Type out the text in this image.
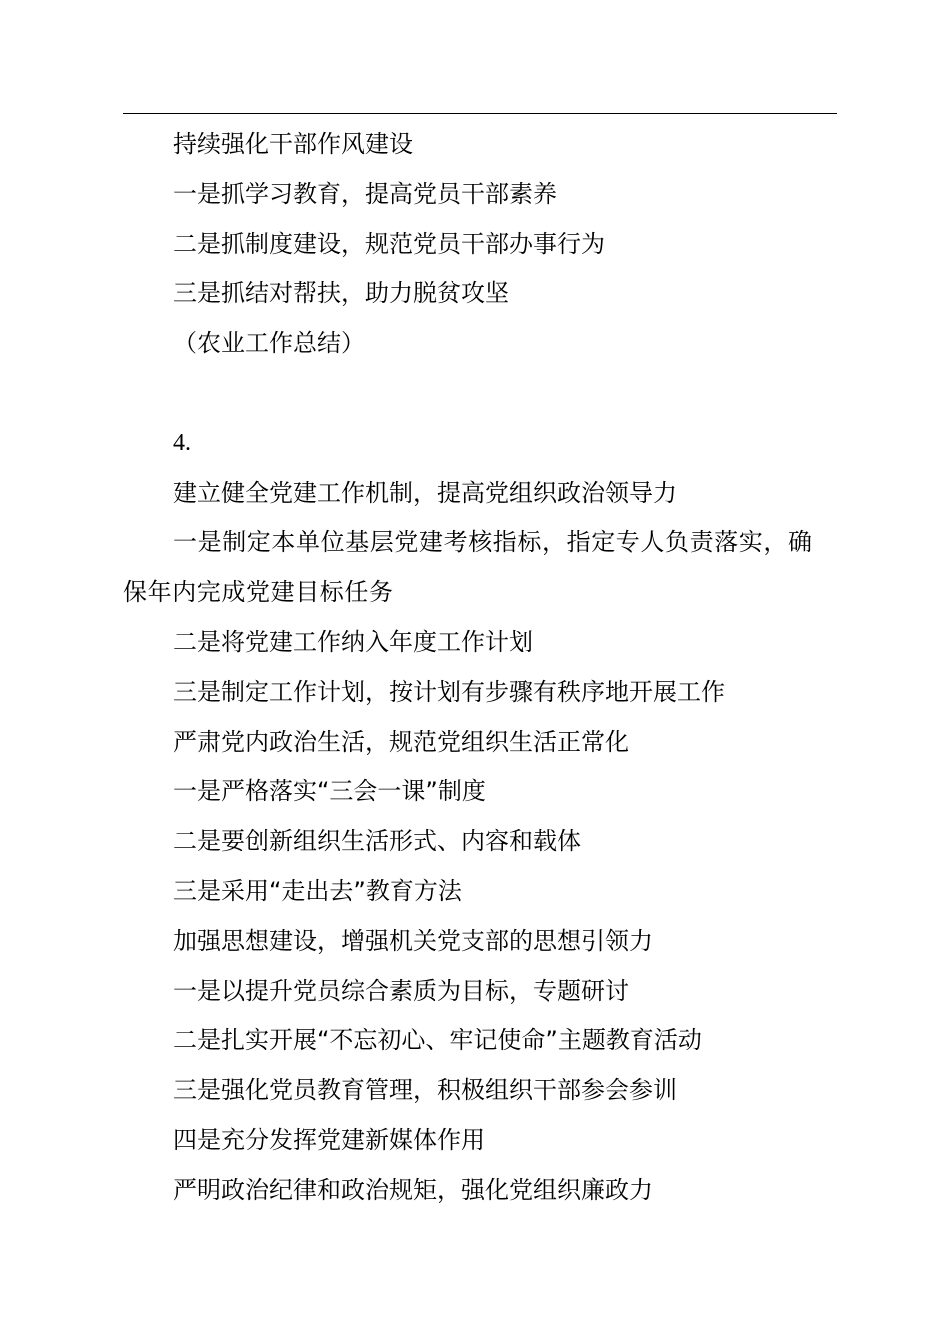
持续强化干部作风建设

一是抓学习教育，提高党员干部素养

二是抓制度建设，规范党员干部办事行为

三是抓结对帮扶，助力脱贫攻坚

（农业工作总结）

4.

建立健全党建工作机制，提高党组织政治领导力

一是制定本单位基层党建考核指标，指定专人负责落实，确保年内完成党建目标任务

二是将党建工作纳入年度工作计划

三是制定工作计划，按计划有步骤有秩序地开展工作

严肃党内政治生活，规范党组织生活正常化

一是严格落实“三会一课”制度

二是要创新组织生活形式、内容和载体

三是采用“走出去”教育方法

加强思想建设，增强机关党支部的思想引领力

一是以提升党员综合素质为目标，专题研讨

二是扎实开展“不忘初心、牢记使命”主题教育活动

三是强化党员教育管理，积极组织干部参会参训

四是充分发挥党建新媒体作用

严明政治纪律和政治规矩，强化党组织廉政力
